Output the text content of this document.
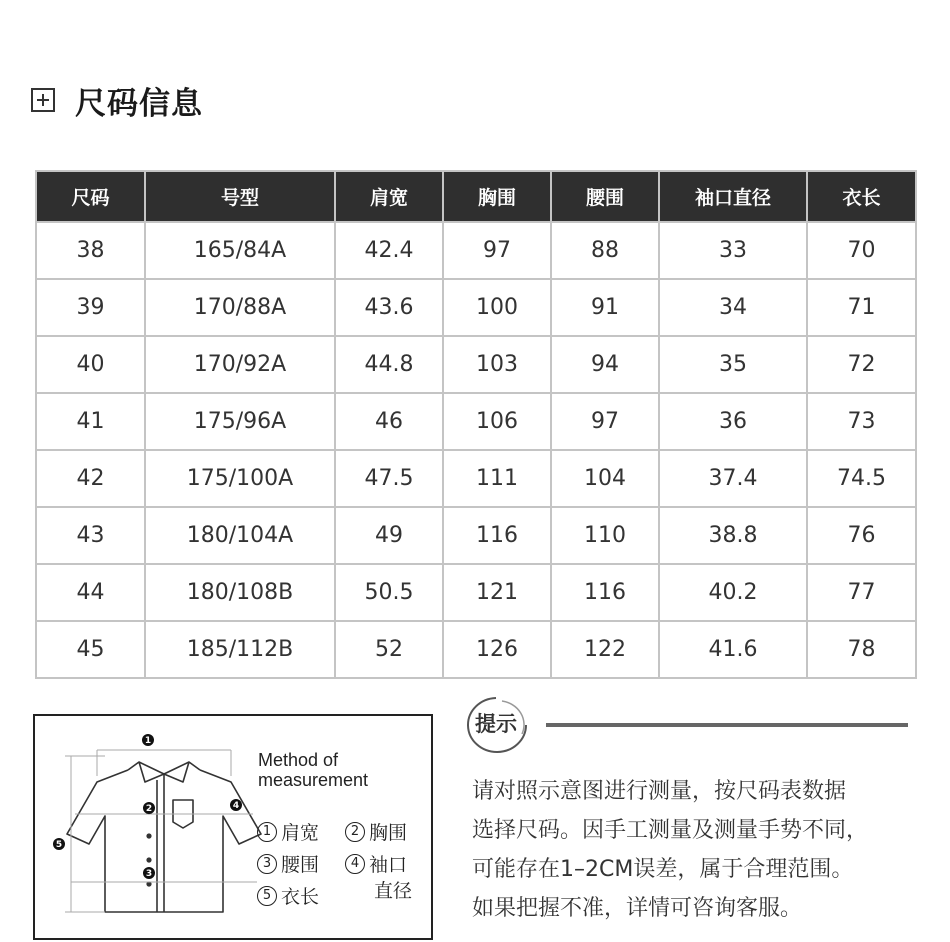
尺码信息
尺码	号型	肩宽	胸围	腰围	袖口直径	衣长
38	165/84A	42.4	97	88	33	70
39	170/88A	43.6	100	91	34	71
40	170/92A	44.8	103	94	35	72
41	175/96A	46	106	97	36	73
42	175/100A	47.5	111	104	37.4	74.5
43	180/104A	49	116	110	38.8	76
44	180/108B	50.5	121	116	40.2	77
45	185/112B	52	126	122	41.6	78
1
2
3
4
5
Method of
measurement
1 肩宽	2 胸围
3 腰围	4 袖口
直径
5 衣长
提示

请对照示意图进行测量，按尺码表数据

选择尺码。因手工测量及测量手势不同，

可能存在1–2CM误差，属于合理范围。

如果把握不准，详情可咨询客服。
